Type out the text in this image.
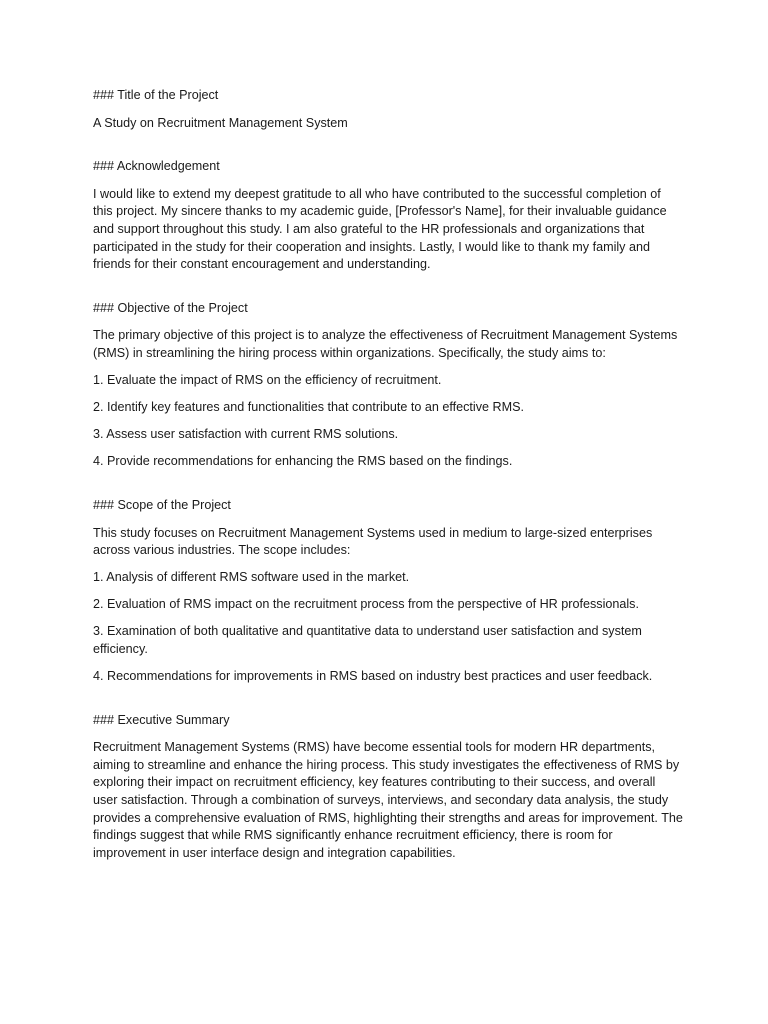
### Title of the Project

A Study on Recruitment Management System

### Acknowledgement

I would like to extend my deepest gratitude to all who have contributed to the successful completion of this project. My sincere thanks to my academic guide, [Professor's Name], for their invaluable guidance and support throughout this study. I am also grateful to the HR professionals and organizations that participated in the study for their cooperation and insights. Lastly, I would like to thank my family and friends for their constant encouragement and understanding.

### Objective of the Project

The primary objective of this project is to analyze the effectiveness of Recruitment Management Systems (RMS) in streamlining the hiring process within organizations. Specifically, the study aims to:

1. Evaluate the impact of RMS on the efficiency of recruitment.

2. Identify key features and functionalities that contribute to an effective RMS.

3. Assess user satisfaction with current RMS solutions.

4. Provide recommendations for enhancing the RMS based on the findings.

### Scope of the Project

This study focuses on Recruitment Management Systems used in medium to large-sized enterprises across various industries. The scope includes:

1. Analysis of different RMS software used in the market.

2. Evaluation of RMS impact on the recruitment process from the perspective of HR professionals.

3. Examination of both qualitative and quantitative data to understand user satisfaction and system efficiency.

4. Recommendations for improvements in RMS based on industry best practices and user feedback.

### Executive Summary

Recruitment Management Systems (RMS) have become essential tools for modern HR departments, aiming to streamline and enhance the hiring process. This study investigates the effectiveness of RMS by exploring their impact on recruitment efficiency, key features contributing to their success, and overall user satisfaction. Through a combination of surveys, interviews, and secondary data analysis, the study provides a comprehensive evaluation of RMS, highlighting their strengths and areas for improvement. The findings suggest that while RMS significantly enhance recruitment efficiency, there is room for improvement in user interface design and integration capabilities.
